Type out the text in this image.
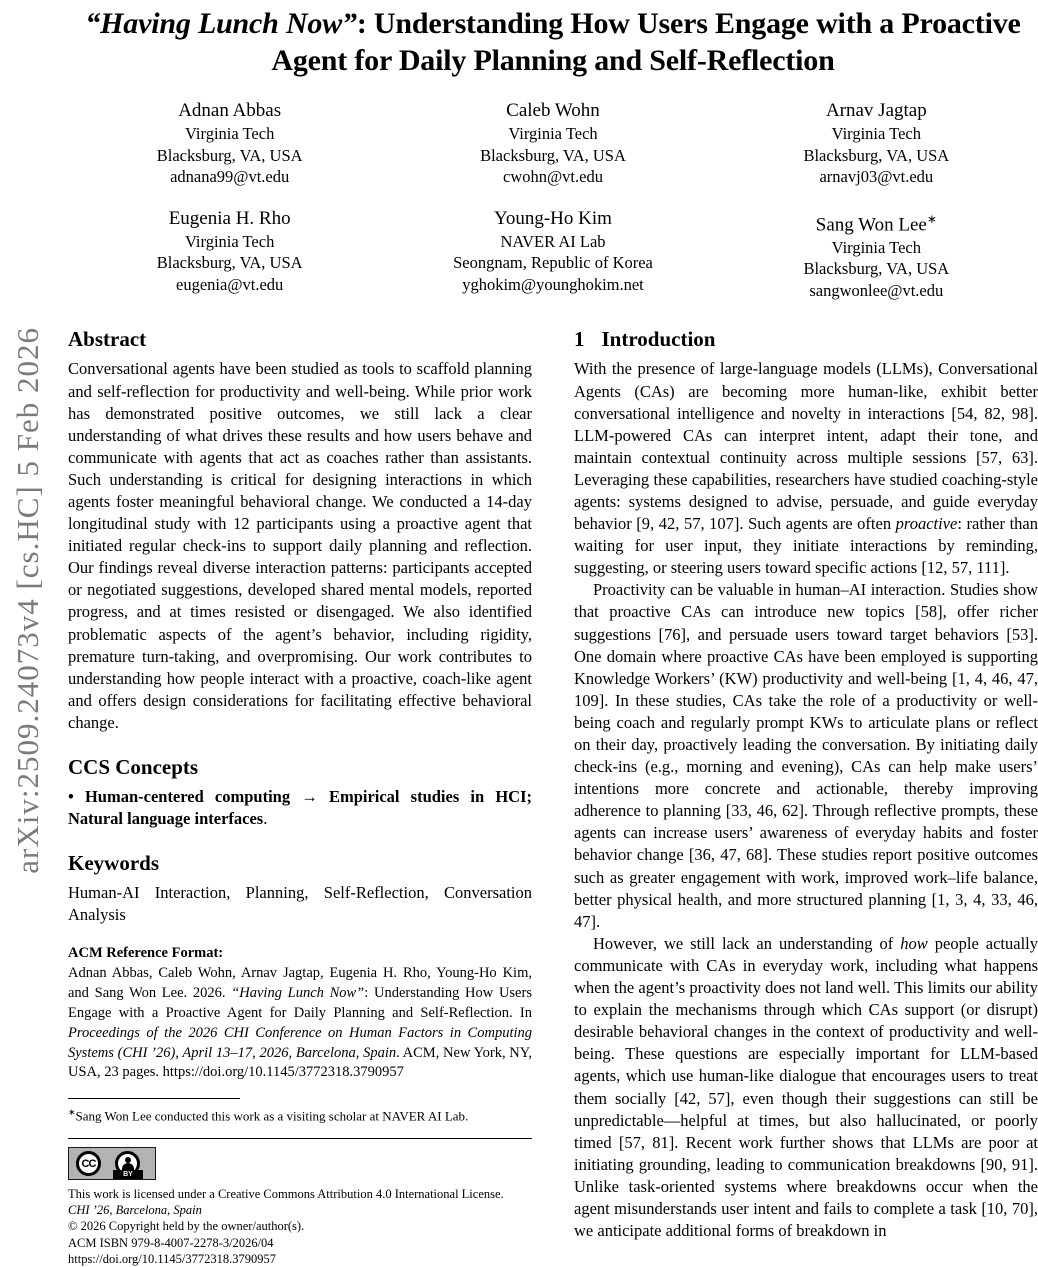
arXiv:2509.24073v4 [cs.HC] 5 Feb 2026
“Having Lunch Now”: Understanding How Users Engage with a Proactive Agent for Daily Planning and Self-Reflection
Adnan Abbas
Virginia Tech
Blacksburg, VA, USA
adnana99@vt.edu
Caleb Wohn
Virginia Tech
Blacksburg, VA, USA
cwohn@vt.edu
Arnav Jagtap
Virginia Tech
Blacksburg, VA, USA
arnavj03@vt.edu
Eugenia H. Rho
Virginia Tech
Blacksburg, VA, USA
eugenia@vt.edu
Young-Ho Kim
NAVER AI Lab
Seongnam, Republic of Korea
yghokim@younghokim.net
Sang Won Lee∗
Virginia Tech
Blacksburg, VA, USA
sangwonlee@vt.edu
Abstract

Conversational agents have been studied as tools to scaffold planning and self-reflection for productivity and well-being. While prior work has demonstrated positive outcomes, we still lack a clear understanding of what drives these results and how users behave and communicate with agents that act as coaches rather than assistants. Such understanding is critical for designing interactions in which agents foster meaningful behavioral change. We conducted a 14-day longitudinal study with 12 participants using a proactive agent that initiated regular check-ins to support daily planning and reflection. Our findings reveal diverse interaction patterns: participants accepted or negotiated suggestions, developed shared mental models, reported progress, and at times resisted or disengaged. We also identified problematic aspects of the agent’s behavior, including rigidity, premature turn-taking, and overpromising. Our work contributes to understanding how people interact with a proactive, coach-like agent and offers design considerations for facilitating effective behavioral change.

CCS Concepts

• Human-centered computing → Empirical studies in HCI; Natural language interfaces.

Keywords

Human-AI Interaction, Planning, Self-Reflection, Conversation Analysis

ACM Reference Format:

Adnan Abbas, Caleb Wohn, Arnav Jagtap, Eugenia H. Rho, Young-Ho Kim, and Sang Won Lee. 2026. “Having Lunch Now”: Understanding How Users Engage with a Proactive Agent for Daily Planning and Self-Reflection. In Proceedings of the 2026 CHI Conference on Human Factors in Computing Systems (CHI ’26), April 13–17, 2026, Barcelona, Spain. ACM, New York, NY, USA, 23 pages. https://doi.org/10.1145/3772318.3790957

∗Sang Won Lee conducted this work as a visiting scholar at NAVER AI Lab.

CC
BY

This work is licensed under a Creative Commons Attribution 4.0 International License.

CHI ’26, Barcelona, Spain

© 2026 Copyright held by the owner/author(s).

ACM ISBN 979-8-4007-2278-3/2026/04

https://doi.org/10.1145/3772318.3790957

1 Introduction

With the presence of large-language models (LLMs), Conversational Agents (CAs) are becoming more human-like, exhibit better conversational intelligence and novelty in interactions [54, 82, 98]. LLM-powered CAs can interpret intent, adapt their tone, and maintain contextual continuity across multiple sessions [57, 63]. Leveraging these capabilities, researchers have studied coaching-style agents: systems designed to advise, persuade, and guide everyday behavior [9, 42, 57, 107]. Such agents are often proactive: rather than waiting for user input, they initiate interactions by reminding, suggesting, or steering users toward specific actions [12, 57, 111].

Proactivity can be valuable in human–AI interaction. Studies show that proactive CAs can introduce new topics [58], offer richer suggestions [76], and persuade users toward target behaviors [53]. One domain where proactive CAs have been employed is supporting Knowledge Workers’ (KW) productivity and well-being [1, 4, 46, 47, 109]. In these studies, CAs take the role of a productivity or well-being coach and regularly prompt KWs to articulate plans or reflect on their day, proactively leading the conversation. By initiating daily check-ins (e.g., morning and evening), CAs can help make users’ intentions more concrete and actionable, thereby improving adherence to planning [33, 46, 62]. Through reflective prompts, these agents can increase users’ awareness of everyday habits and foster behavior change [36, 47, 68]. These studies report positive outcomes such as greater engagement with work, improved work–life balance, better physical health, and more structured planning [1, 3, 4, 33, 46, 47].

However, we still lack an understanding of how people actually communicate with CAs in everyday work, including what happens when the agent’s proactivity does not land well. This limits our ability to explain the mechanisms through which CAs support (or disrupt) desirable behavioral changes in the context of productivity and well-being. These questions are especially important for LLM-based agents, which use human-like dialogue that encourages users to treat them socially [42, 57], even though their suggestions can still be unpredictable—helpful at times, but also hallucinated, or poorly timed [57, 81]. Recent work further shows that LLMs are poor at initiating grounding, leading to communication breakdowns [90, 91]. Unlike task-oriented systems where breakdowns occur when the agent misunderstands user intent and fails to complete a task [10, 70], we anticipate additional forms of breakdown in
